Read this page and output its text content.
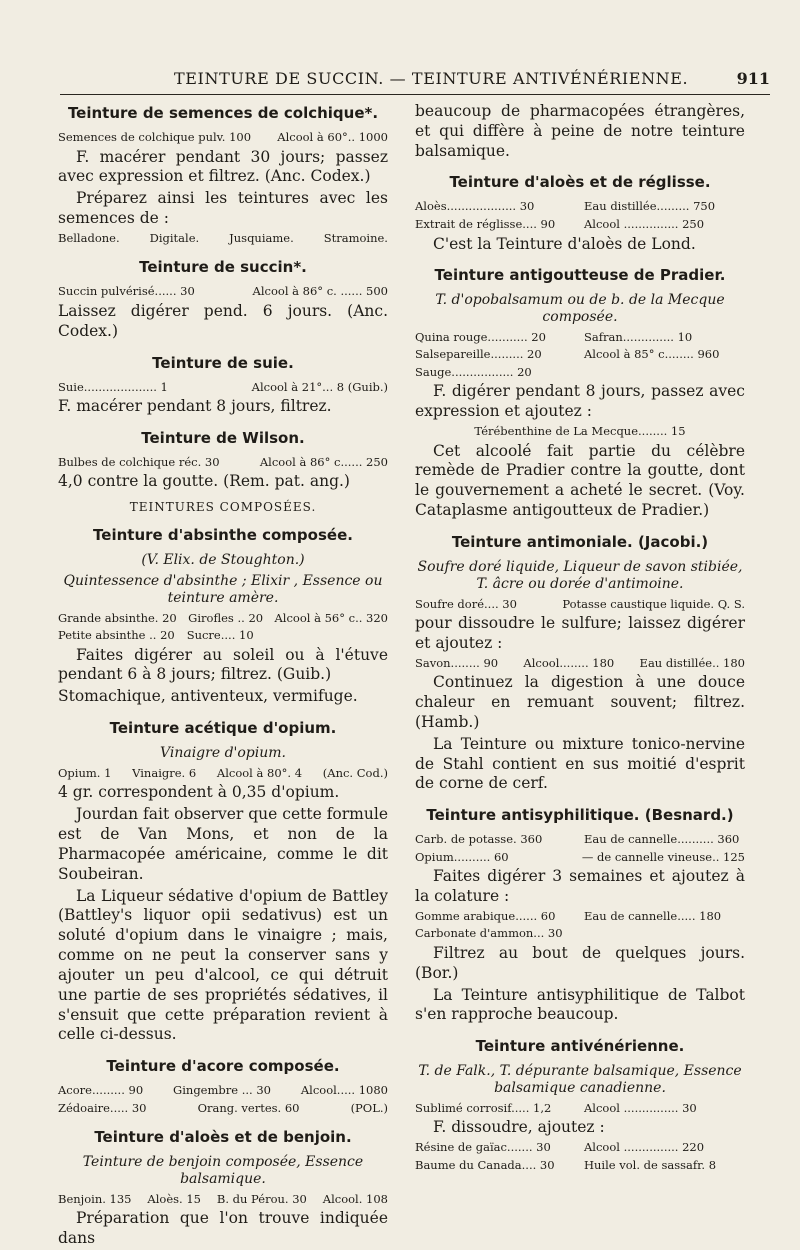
TEINTURE DE SUCCIN. — TEINTURE ANTIVÉNÉRIENNE.	911
Teinture de semences de colchique*.
Semences de colchique pulv. 100 Alcool à 60°.. 1000

F. macérer pendant 30 jours; passez avec expression et filtrez. (Anc. Codex.)

Préparez ainsi les teintures avec les semences de :

Belladone.	Digitale.	Jusquiame.	Stramoine.
Teinture de succin*.
Succin pulvérisé...... 30	Alcool à 86° c. ...... 500

Laissez digérer pend. 6 jours. (Anc. Codex.)

Teinture de suie.
Suie.................... 1	Alcool à 21°... 8 (Guib.)

F. macérer pendant 8 jours, filtrez.

Teinture de Wilson.
Bulbes de colchique réc. 30	Alcool à 86° c...... 250

4,0 contre la goutte. (Rem. pat. ang.)

TEINTURES COMPOSÉES.
Teinture d'absinthe composée.
(V. Elix. de Stoughton.)
Quintessence d'absinthe ; Elixir , Essence ou teinture amère.
Grande absinthe. 20 Girofles .. 20 Alcool à 56° c.. 320
Petite absinthe .. 20 Sucre.... 10

Faites digérer au soleil ou à l'étuve pendant 6 à 8 jours; filtrez. (Guib.)

Stomachique, antiventeux, vermifuge.

Teinture acétique d'opium.
Vinaigre d'opium.
Opium. 1 Vinaigre. 6 Alcool à 80°. 4 (Anc. Cod.)

4 gr. correspondent à 0,35 d'opium.

Jourdan fait observer que cette formule est de Van Mons, et non de la Pharmacopée américaine, comme le dit Soubeiran.

La Liqueur sédative d'opium de Battley (Battley's liquor opii sedativus) est un soluté d'opium dans le vinaigre ; mais, comme on ne peut la conserver sans y ajouter un peu d'alcool, ce qui détruit une partie de ses propriétés sédatives, il s'ensuit que cette préparation revient à celle ci-dessus.

Teinture d'acore composée.
Acore......... 90	Gingembre ... 30	Alcool..... 1080
Zédoaire..... 30	Orang. vertes. 60	(POL.)
Teinture d'aloès et de benjoin.
Teinture de benjoin composée, Essence balsamique.
Benjoin. 135 Aloès. 15 B. du Pérou. 30 Alcool. 108

Préparation que l'on trouve indiquée dans

beaucoup de pharmacopées étrangères, et qui diffère à peine de notre teinture balsamique.

Teinture d'aloès et de réglisse.
Aloès................... 30	Eau distillée......... 750
Extrait de réglisse.... 90	Alcool ............... 250

C'est la Teinture d'aloès de Lond.

Teinture antigoutteuse de Pradier.
T. d'opobalsamum ou de b. de la Mecque composée.
Quina rouge........... 20	Safran.............. 10
Salsepareille......... 20	Alcool à 85° c........ 960
Sauge................. 20

F. digérer pendant 8 jours, passez avec expression et ajoutez :

Térébenthine de La Mecque........ 15

Cet alcoolé fait partie du célèbre remède de Pradier contre la goutte, dont le gouvernement a acheté le secret. (Voy. Cataplasme antigoutteux de Pradier.)

Teinture antimoniale. (Jacobi.)
Soufre doré liquide, Liqueur de savon stibiée, T. âcre ou dorée d'antimoine.
Soufre doré.... 30	Potasse caustique liquide. Q. S.

pour dissoudre le sulfure; laissez digérer et ajoutez :

Savon........ 90 Alcool........ 180 Eau distillée.. 180

Continuez la digestion à une douce chaleur en remuant souvent; filtrez. (Hamb.)

La Teinture ou mixture tonico-nervine de Stahl contient en sus moitié d'esprit de corne de cerf.

Teinture antisyphilitique. (Besnard.)
Carb. de potasse. 360	Eau de cannelle.......... 360
Opium.......... 60	— de cannelle vineuse.. 125

Faites digérer 3 semaines et ajoutez à la colature :

Gomme arabique...... 60	Eau de cannelle..... 180
Carbonate d'ammon... 30

Filtrez au bout de quelques jours. (Bor.)

La Teinture antisyphilitique de Talbot s'en rapproche beaucoup.

Teinture antivénérienne.
T. de Falk., T. dépurante balsamique, Essence balsamique canadienne.
Sublimé corrosif..... 1,2	Alcool ............... 30

F. dissoudre, ajoutez :

Résine de gaïac....... 30	Alcool ............... 220
Baume du Canada.... 30	Huile vol. de sassafr. 8
